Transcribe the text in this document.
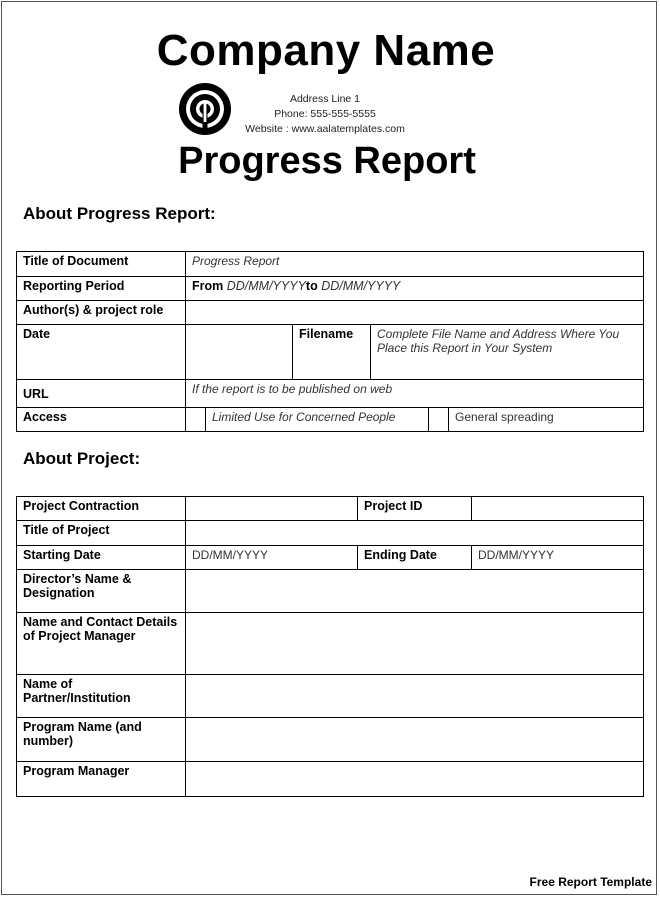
Company Name
Address Line 1
Phone: 555-555-5555
Website : www.aalatemplates.com
Progress Report
About Progress Report:
Title of Document	Progress Report					
Reporting Period	From DD/MM/YYYYto DD/MM/YYYY					
Author(s) & project role						
Date			Filename	Complete File Name and Address Where You Place this Report in Your System		
URL	If the report is to be published on web					
Access		Limited Use for Concerned People				General spreading
About Project:
Project Contraction		Project ID	
Title of Project			
Starting Date	DD/MM/YYYY	Ending Date	DD/MM/YYYY
Director’s Name & Designation			
Name and Contact Details of Project Manager			
Name of Partner/Institution			
Program Name (and number)			
Program Manager			
Free Report Template
